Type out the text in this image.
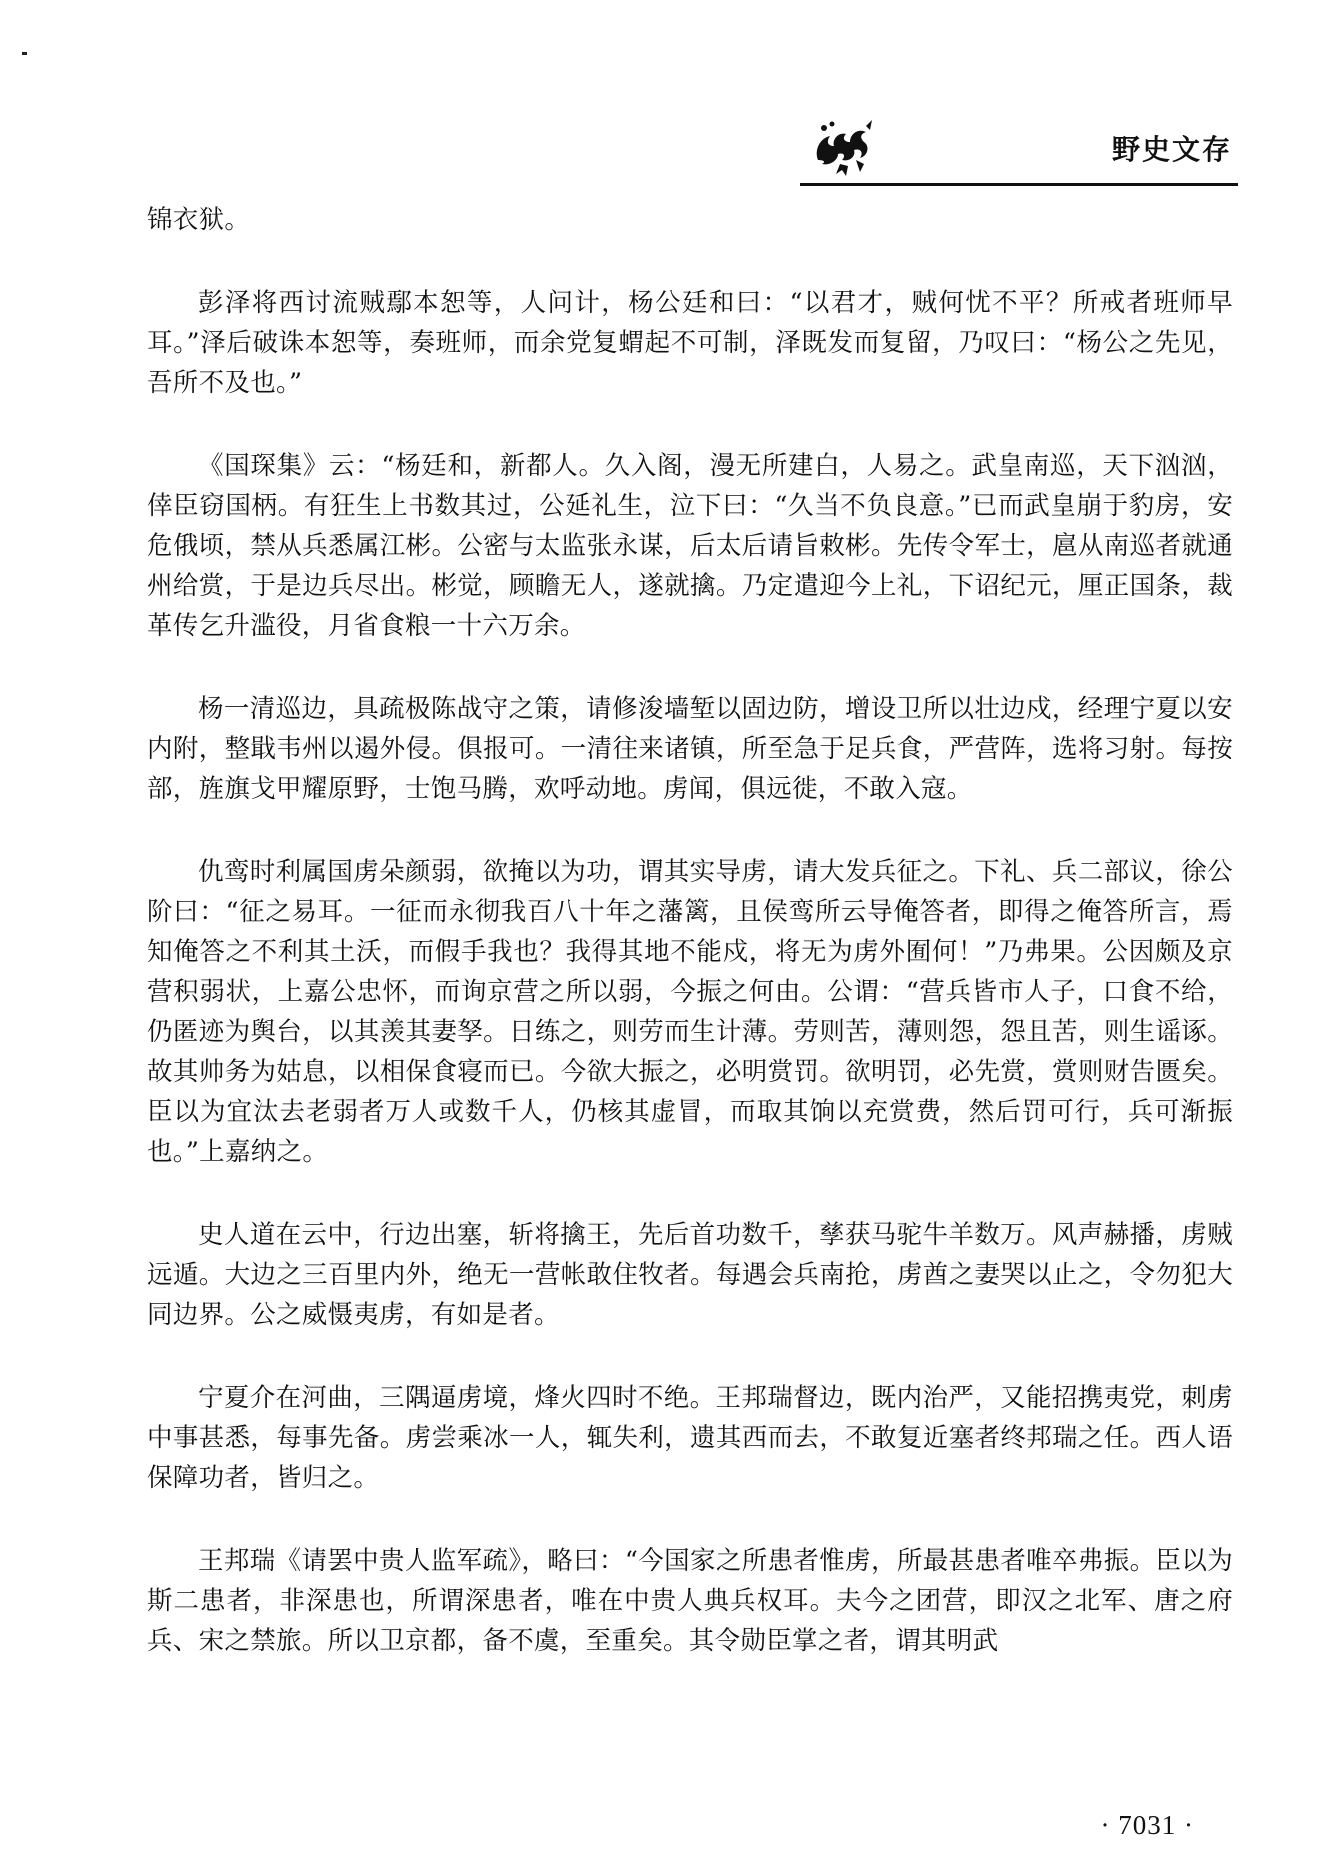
野史文存

锦衣狱。

彭泽将西讨流贼鄢本恕等，人问计，杨公廷和曰：“以君才，贼何忧不平？所戒者班师早耳。”泽后破诛本恕等，奏班师，而余党复蝟起不可制，泽既发而复留，乃叹曰：“杨公之先见，吾所不及也。”

《国琛集》云：“杨廷和，新都人。久入阁，漫无所建白，人易之。武皇南巡，天下汹汹，倖臣窃国柄。有狂生上书数其过，公延礼生，泣下曰：“久当不负良意。”已而武皇崩于豹房，安危俄顷，禁从兵悉属江彬。公密与太监张永谋，后太后请旨敕彬。先传令军士，扈从南巡者就通州给赏，于是边兵尽出。彬觉，顾瞻无人，遂就擒。乃定遣迎今上礼，下诏纪元，厘正国条，裁革传乞升滥役，月省食粮一十六万余。

杨一清巡边，具疏极陈战守之策，请修浚墙堑以固边防，增设卫所以壮边戍，经理宁夏以安内附，整戢韦州以遏外侵。俱报可。一清往来诸镇，所至急于足兵食，严营阵，选将习射。每按部，旌旗戈甲耀原野，士饱马腾，欢呼动地。虏闻，俱远徙，不敢入寇。

仇鸾时利属国虏朵颜弱，欲掩以为功，谓其实导虏，请大发兵征之。下礼、兵二部议，徐公阶曰：“征之易耳。一征而永彻我百八十年之藩篱，且侯鸾所云导俺答者，即得之俺答所言，焉知俺答之不利其土沃，而假手我也？我得其地不能戍，将无为虏外囿何！”乃弗果。公因颇及京营积弱状，上嘉公忠怀，而询京营之所以弱，今振之何由。公谓：“营兵皆市人子，口食不给，仍匿迹为舆台，以其羡其妻孥。日练之，则劳而生计薄。劳则苦，薄则怨，怨且苦，则生谣诼。故其帅务为姑息，以相保食寝而已。今欲大振之，必明赏罚。欲明罚，必先赏，赏则财告匮矣。臣以为宜汰去老弱者万人或数千人，仍核其虚冒，而取其饷以充赏费，然后罚可行，兵可渐振也。”上嘉纳之。

史人道在云中，行边出塞，斩将擒王，先后首功数千，孳获马驼牛羊数万。风声赫播，虏贼远遁。大边之三百里内外，绝无一营帐敢住牧者。每遇会兵南抢，虏酋之妻哭以止之，令勿犯大同边界。公之威慑夷虏，有如是者。

宁夏介在河曲，三隅逼虏境，烽火四时不绝。王邦瑞督边，既内治严，又能招携夷党，刺虏中事甚悉，每事先备。虏尝乘冰一人，辄失利，遗其西而去，不敢复近塞者终邦瑞之任。西人语保障功者，皆归之。

王邦瑞《请罢中贵人监军疏》，略曰：“今国家之所患者惟虏，所最甚患者唯卒弗振。臣以为斯二患者，非深患也，所谓深患者，唯在中贵人典兵权耳。夫今之团营，即汉之北军、唐之府兵、宋之禁旅。所以卫京都，备不虞，至重矣。其令勋臣掌之者，谓其明武

· 7031 ·
